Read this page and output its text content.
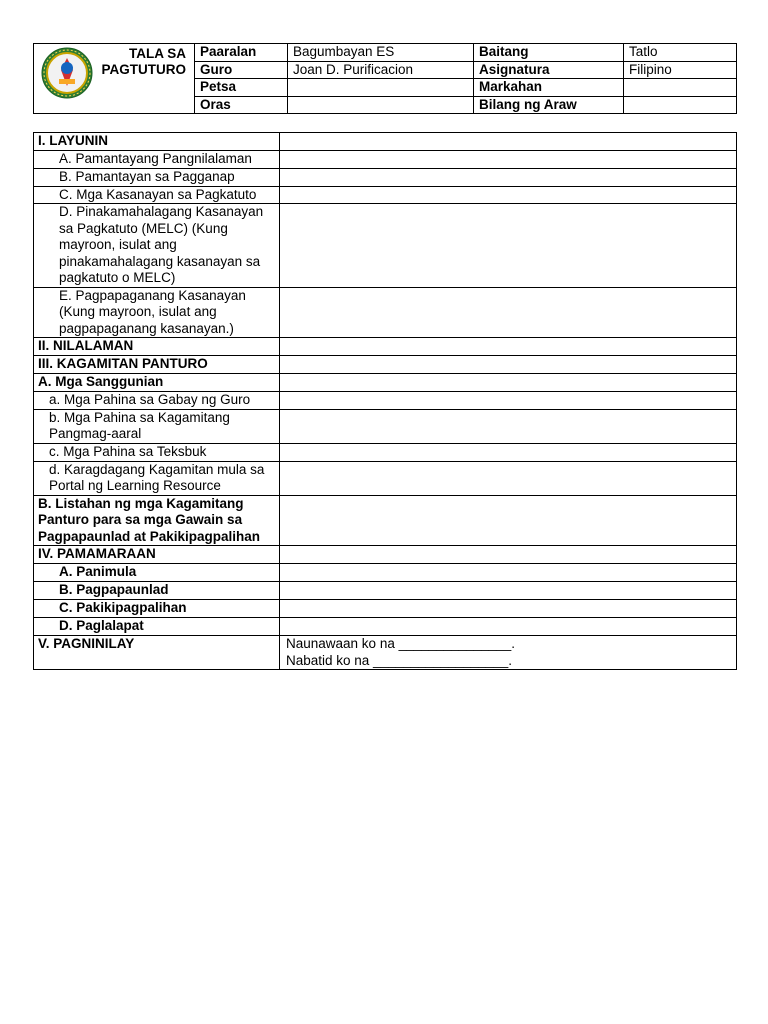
TALA SA
PAGTUTURO	Paaralan	Bagumbayan ES	Baitang	Tatlo
	Guro	Joan D. Purificacion	Asignatura	Filipino
	Petsa		Markahan	
	Oras		Bilang ng Araw	
I. LAYUNIN	
A. Pamantayang Pangnilalaman	
B. Pamantayan sa Pagganap	
C. Mga Kasanayan sa Pagkatuto	
D. Pinakamahalagang Kasanayan sa Pagkatuto (MELC) (Kung mayroon, isulat ang pinakamahalagang kasanayan sa pagkatuto o MELC)	
E. Pagpapaganang Kasanayan (Kung mayroon, isulat ang pagpapaganang kasanayan.)	
II. NILALAMAN	
III. KAGAMITAN PANTURO	
A. Mga Sanggunian	
a. Mga Pahina sa Gabay ng Guro	
b. Mga Pahina sa Kagamitang Pangmag-aaral	
c. Mga Pahina sa Teksbuk	
d. Karagdagang Kagamitan mula sa Portal ng Learning Resource	
B. Listahan ng mga Kagamitang Panturo para sa mga Gawain sa Pagpapaunlad at Pakikipagpalihan	
IV. PAMAMARAAN	
A. Panimula	
B. Pagpapaunlad	
C. Pakikipagpalihan	
D. Paglalapat	
V. PAGNINILAY	Naunawaan ko na _______________.
Nabatid ko na __________________.
